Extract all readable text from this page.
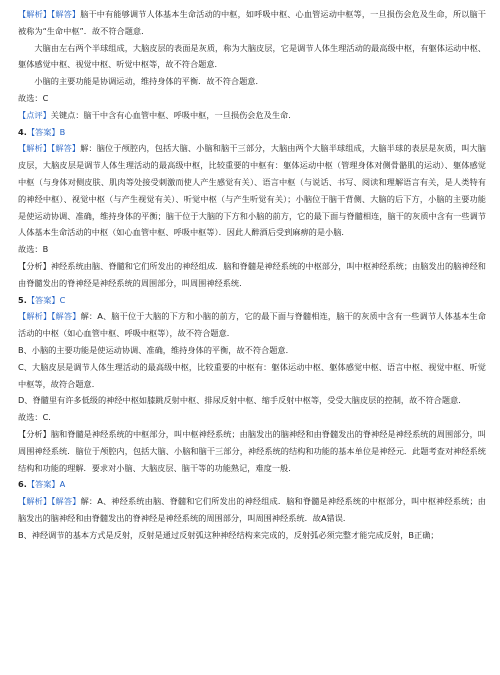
【解析】【解答】脑干中有能够调节人体基本生命活动的中枢，如呼吸中枢、心血管运动中枢等，一旦损伤会危及生命，所以脑干被称为“生命中枢”．故不符合题意．

大脑由左右两个半球组成，大脑皮层的表面是灰质，称为大脑皮层，它是调节人体生理活动的最高级中枢，有躯体运动中枢、躯体感觉中枢、视觉中枢、听觉中枢等，故不符合题意．

小脑的主要功能是协调运动，维持身体的平衡．故不符合题意．

故选：C

【点评】关键点：脑干中含有心血管中枢、呼吸中枢，一旦损伤会危及生命．

4.【答案】B

【解析】【解答】解：脑位于颅腔内，包括大脑、小脑和脑干三部分，大脑由两个大脑半球组成，大脑半球的表层是灰质，叫大脑皮层，大脑皮层是调节人体生理活动的最高级中枢，比较重要的中枢有：躯体运动中枢（管理身体对侧骨骼肌的运动）、躯体感觉中枢（与身体对侧皮肤、肌肉等处接受刺激而使人产生感觉有关）、语言中枢（与说话、书写、阅读和理解语言有关，是人类特有的神经中枢）、视觉中枢（与产生视觉有关）、听觉中枢（与产生听觉有关）；小脑位于脑干背侧、大脑的后下方，小脑的主要功能是使运动协调、准确，维持身体的平衡；脑干位于大脑的下方和小脑的前方，它的最下面与脊髓相连，脑干的灰质中含有一些调节人体基本生命活动的中枢（如心血管中枢、呼吸中枢等）．因此人醉酒后受到麻痹的是小脑．

故选：B

【分析】神经系统由脑、脊髓和它们所发出的神经组成．脑和脊髓是神经系统的中枢部分，叫中枢神经系统；由脑发出的脑神经和由脊髓发出的脊神经是神经系统的周围部分，叫周围神经系统．

5.【答案】C

【解析】【解答】解：A、脑干位于大脑的下方和小脑的前方，它的最下面与脊髓相连，脑干的灰质中含有一些调节人体基本生命活动的中枢（如心血管中枢、呼吸中枢等），故不符合题意．

B、小脑的主要功能是使运动协调、准确，维持身体的平衡，故不符合题意．

C、大脑皮层是调节人体生理活动的最高级中枢，比较重要的中枢有：躯体运动中枢、躯体感觉中枢、语言中枢、视觉中枢、听觉中枢等，故符合题意．

D、脊髓里有许多低级的神经中枢如膝跳反射中枢、排尿反射中枢、缩手反射中枢等，受受大脑皮层的控制，故不符合题意．

故选：C．

【分析】脑和脊髓是神经系统的中枢部分，叫中枢神经系统；由脑发出的脑神经和由脊髓发出的脊神经是神经系统的周围部分，叫周围神经系统．脑位于颅腔内，包括大脑、小脑和脑干三部分，神经系统的结构和功能的基本单位是神经元．此题考查对神经系统结构和功能的理解．要求对小脑、大脑皮层、脑干等的功能熟记，难度一般．

6.【答案】A

【解析】【解答】解：A、神经系统由脑、脊髓和它们所发出的神经组成．脑和脊髓是神经系统的中枢部分，叫中枢神经系统；由脑发出的脑神经和由脊髓发出的脊神经是神经系统的周围部分，叫周围神经系统．故A错误．

B、神经调节的基本方式是反射，反射是通过反射弧这种神经结构来完成的，反射弧必须完整才能完成反射，B正确；
